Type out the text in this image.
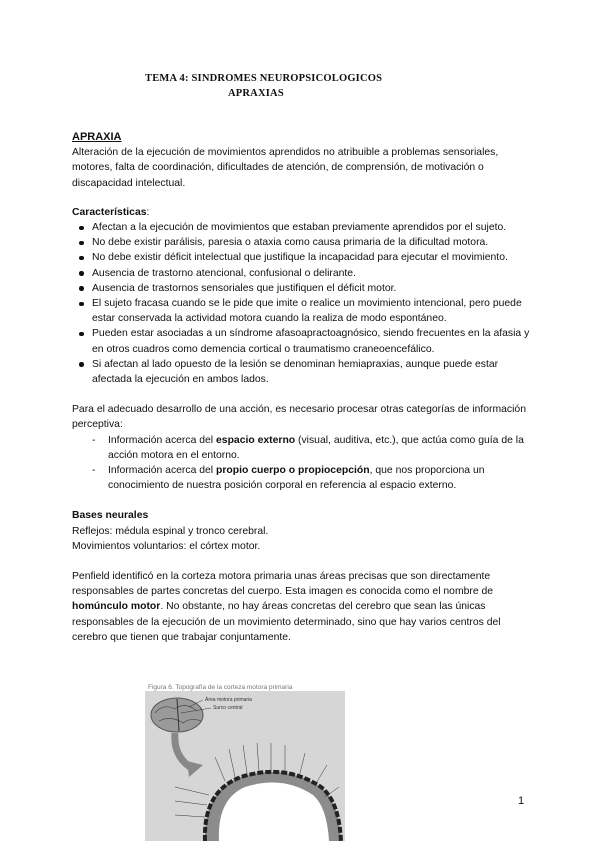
TEMA 4: SINDROMES NEUROPSICOLOGICOS
APRAXIAS

APRAXIA

Alteración de la ejecución de movimientos aprendidos no atribuible a problemas sensoriales, motores, falta de coordinación, dificultades de atención, de comprensión, de motivación o discapacidad intelectual.

Características:

Afectan a la ejecución de movimientos que estaban previamente aprendidos por el sujeto.
No debe existir parálisis, paresia o ataxia como causa primaria de la dificultad motora.
No debe existir déficit intelectual que justifique la incapacidad para ejecutar el movimiento.
Ausencia de trastorno atencional, confusional o delirante.
Ausencia de trastornos sensoriales que justifiquen el déficit motor.
El sujeto fracasa cuando se le pide que imite o realice un movimiento intencional, pero puede estar conservada la actividad motora cuando la realiza de modo espontáneo.
Pueden estar asociadas a un síndrome afasoapractoagnósico, siendo frecuentes en la afasia y en otros cuadros como demencia cortical o traumatismo craneoencefálico.
Si afectan al lado opuesto de la lesión se denominan hemiapraxias, aunque puede estar afectada la ejecución en ambos lados.

Para el adecuado desarrollo de una acción, es necesario procesar otras categorías de información perceptiva:

- Información acerca del espacio externo (visual, auditiva, etc.), que actúa como guía de la acción motora en el entorno.
- Información acerca del propio cuerpo o propiocepción, que nos proporciona un conocimiento de nuestra posición corporal en referencia al espacio externo.

Bases neurales

Reflejos: médula espinal y tronco cerebral.

Movimientos voluntarios: el córtex motor.

Penfield identificó en la corteza motora primaria unas áreas precisas que son directamente responsables de partes concretas del cuerpo. Esta imagen es conocida como el nombre de homúnculo motor. No obstante, no hay áreas concretas del cerebro que sean las únicas responsables de la ejecución de un movimiento determinado, sino que hay varios centros del cerebro que tienen que trabajar conjuntamente.

Figura 6. Topografía de la corteza motora primaria
Área motora primaria
Surco central
1
